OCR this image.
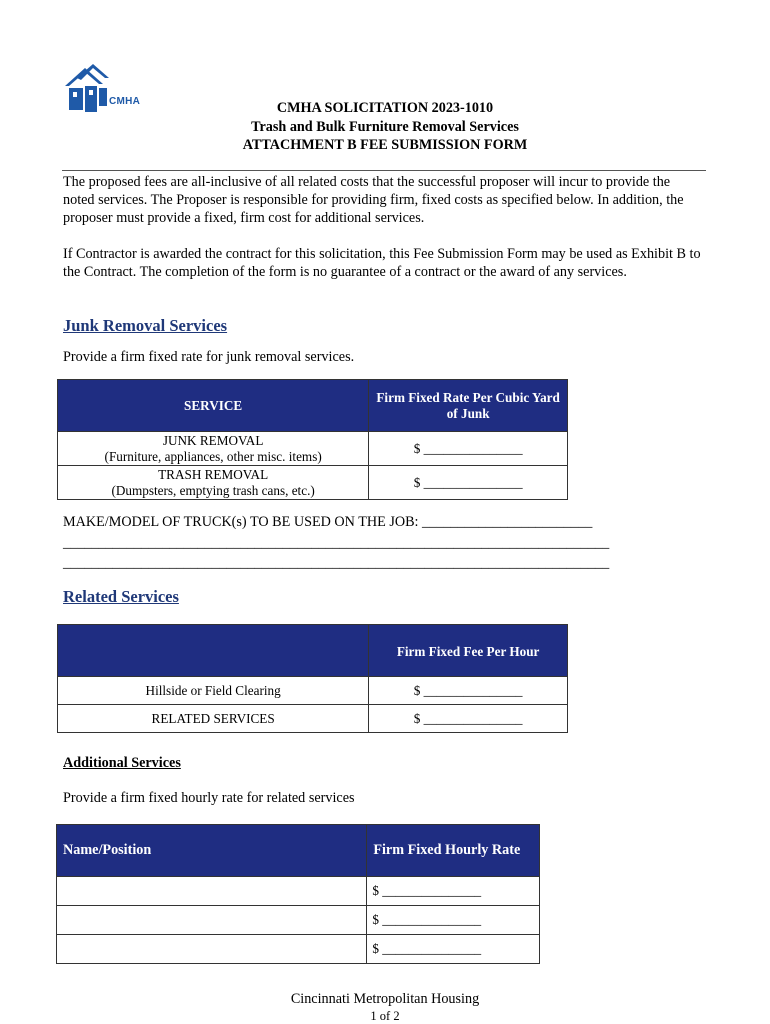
CMHA	CMHA SOLICITATION 2023-1010
Trash and Bulk Furniture Removal Services
ATTACHMENT B FEE SUBMISSION FORM

The proposed fees are all-inclusive of all related costs that the successful proposer will incur to provide the noted services. The Proposer is responsible for providing firm, fixed costs as specified below. In addition, the proposer must provide a fixed, firm cost for additional services.

If Contractor is awarded the contract for this solicitation, this Fee Submission Form may be used as Exhibit B to the Contract. The completion of the form is no guarantee of a contract or the award of any services.

Junk Removal Services
Provide a firm fixed rate for junk removal services.
SERVICE	Firm Fixed Rate Per Cubic Yard of Junk

JUNK REMOVAL
(Furniture, appliances, other misc. items)	$ _______________

TRASH REMOVAL
(Dumpsters, emptying trash cans, etc.)	$ _______________
MAKE/MODEL OF TRUCK(s) TO BE USED ON THE JOB: ________________________
_____________________________________________________________________________
_____________________________________________________________________________
Related Services
	Firm Fixed Fee Per Hour
Hillside or Field Clearing	$ _______________
RELATED SERVICES	$ _______________
Additional Services
Provide a firm fixed hourly rate for related services
Name/Position	Firm Fixed Hourly Rate
	$ _______________
	$ _______________
	$ _______________
Cincinnati Metropolitan Housing
1 of 2
